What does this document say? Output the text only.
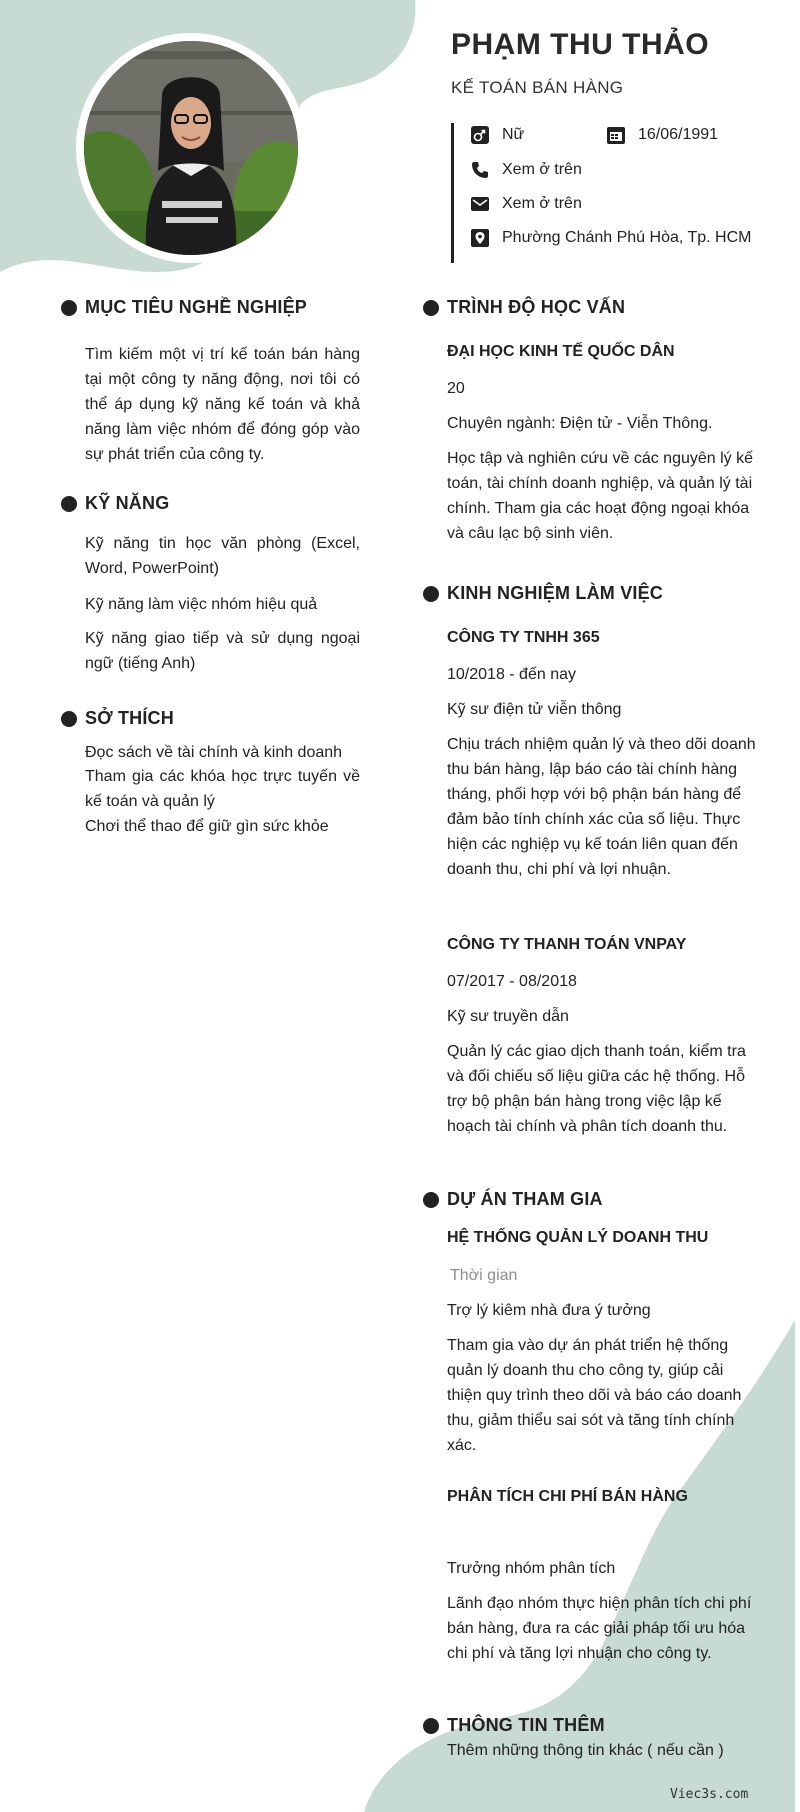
PHẠM THU THẢO
KẾ TOÁN BÁN HÀNG
Nữ	16/06/1991
Xem ở trên
Xem ở trên
Phường Chánh Phú Hòa, Tp. HCM
MỤC TIÊU NGHỀ NGHIỆP

Tìm kiếm một vị trí kế toán bán hàng tại một công ty năng động, nơi tôi có thể áp dụng kỹ năng kế toán và khả năng làm việc nhóm để đóng góp vào sự phát triển của công ty.

KỸ NĂNG

Kỹ năng tin học văn phòng (Excel, Word, PowerPoint)

Kỹ năng làm việc nhóm hiệu quả

Kỹ năng giao tiếp và sử dụng ngoại ngữ (tiếng Anh)

SỞ THÍCH

Đọc sách về tài chính và kinh doanh

Tham gia các khóa học trực tuyến về kế toán và quản lý

Chơi thể thao để giữ gìn sức khỏe

TRÌNH ĐỘ HỌC VẤN
ĐẠI HỌC KINH TẾ QUỐC DÂN
20
Chuyên ngành: Điện tử - Viễn Thông.

Học tập và nghiên cứu về các nguyên lý kế toán, tài chính doanh nghiệp, và quản lý tài chính. Tham gia các hoạt động ngoại khóa và câu lạc bộ sinh viên.

KINH NGHIỆM LÀM VIỆC
CÔNG TY TNHH 365
10/2018 - đến nay
Kỹ sư điện tử viễn thông

Chịu trách nhiệm quản lý và theo dõi doanh thu bán hàng, lập báo cáo tài chính hàng tháng, phối hợp với bộ phận bán hàng để đảm bảo tính chính xác của số liệu. Thực hiện các nghiệp vụ kế toán liên quan đến doanh thu, chi phí và lợi nhuận.

CÔNG TY THANH TOÁN VNPAY
07/2017 - 08/2018
Kỹ sư truyền dẫn

Quản lý các giao dịch thanh toán, kiểm tra và đối chiếu số liệu giữa các hệ thống. Hỗ trợ bộ phận bán hàng trong việc lập kế hoạch tài chính và phân tích doanh thu.

DỰ ÁN THAM GIA
HỆ THỐNG QUẢN LÝ DOANH THU
Thời gian
Trợ lý kiêm nhà đưa ý tưởng

Tham gia vào dự án phát triển hệ thống quản lý doanh thu cho công ty, giúp cải thiện quy trình theo dõi và báo cáo doanh thu, giảm thiểu sai sót và tăng tính chính xác.

PHÂN TÍCH CHI PHÍ BÁN HÀNG
Trưởng nhóm phân tích

Lãnh đạo nhóm thực hiện phân tích chi phí bán hàng, đưa ra các giải pháp tối ưu hóa chi phí và tăng lợi nhuận cho công ty.

THÔNG TIN THÊM
Thêm những thông tin khác ( nếu cần )
Viec3s.com
